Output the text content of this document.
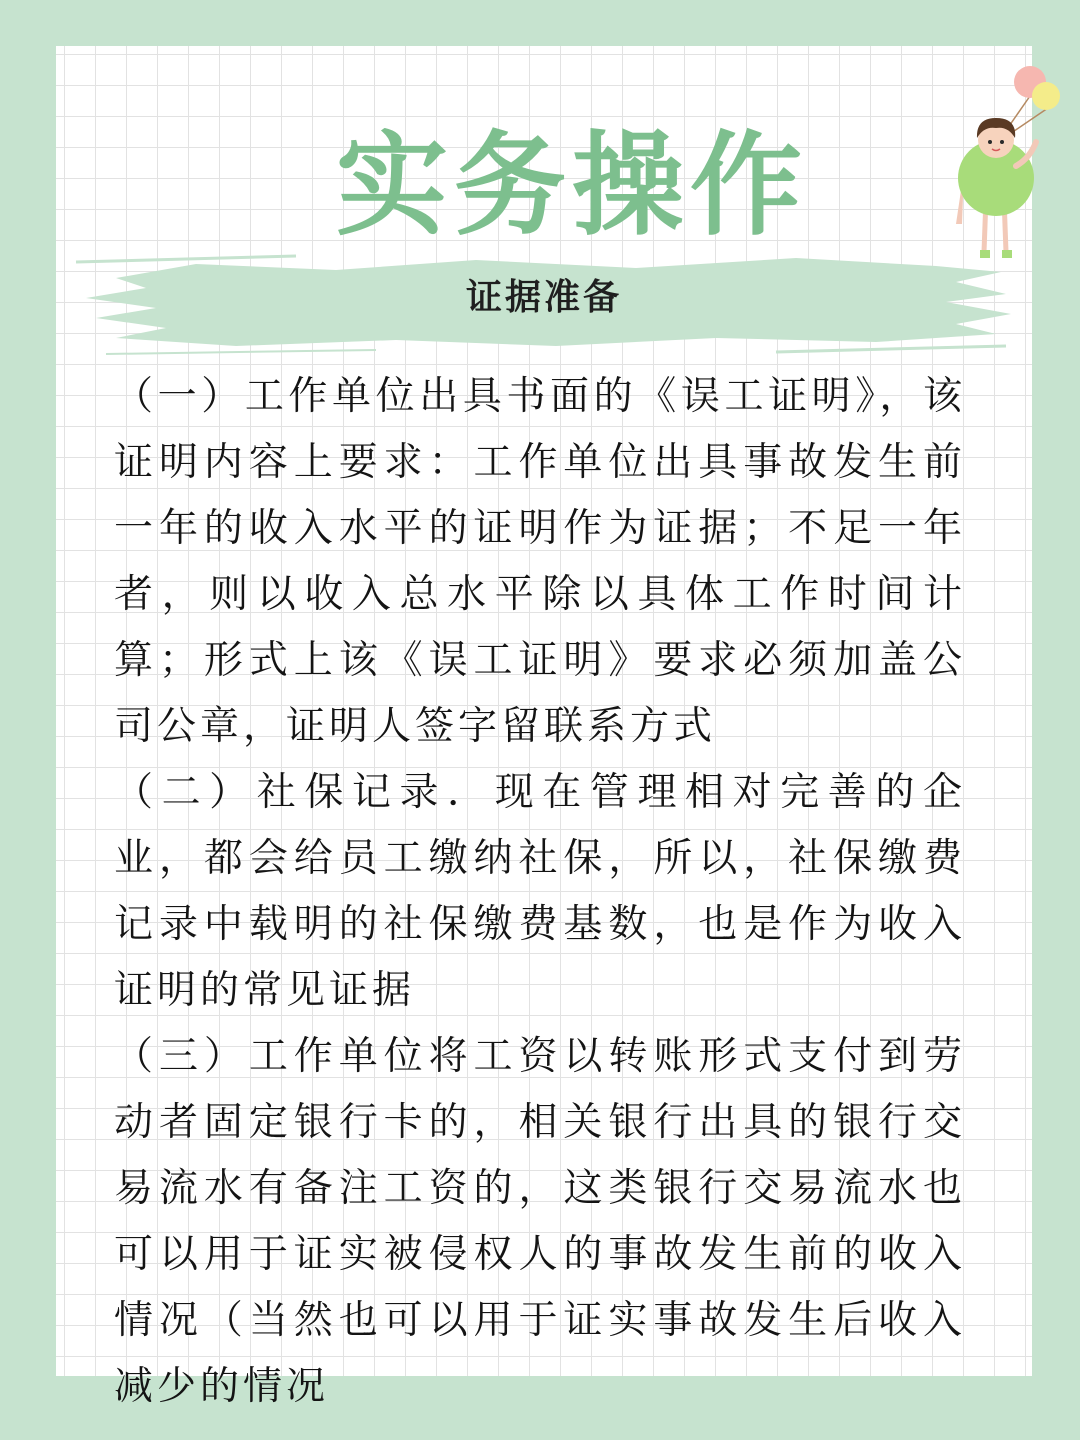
实务操作
证据准备

（一）工作单位出具书面的《误工证明》，该证明内容上要求：工作单位出具事故发生前一年的收入水平的证明作为证据；不足一年者，则以收入总水平除以具体工作时间计算；形式上该《误工证明》要求必须加盖公司公章，证明人签字留联系方式

（二）社保记录．现在管理相对完善的企业，都会给员工缴纳社保，所以，社保缴费记录中载明的社保缴费基数，也是作为收入证明的常见证据

（三）工作单位将工资以转账形式支付到劳动者固定银行卡的，相关银行出具的银行交易流水有备注工资的，这类银行交易流水也可以用于证实被侵权人的事故发生前的收入情况（当然也可以用于证实事故发生后收入减少的情况
